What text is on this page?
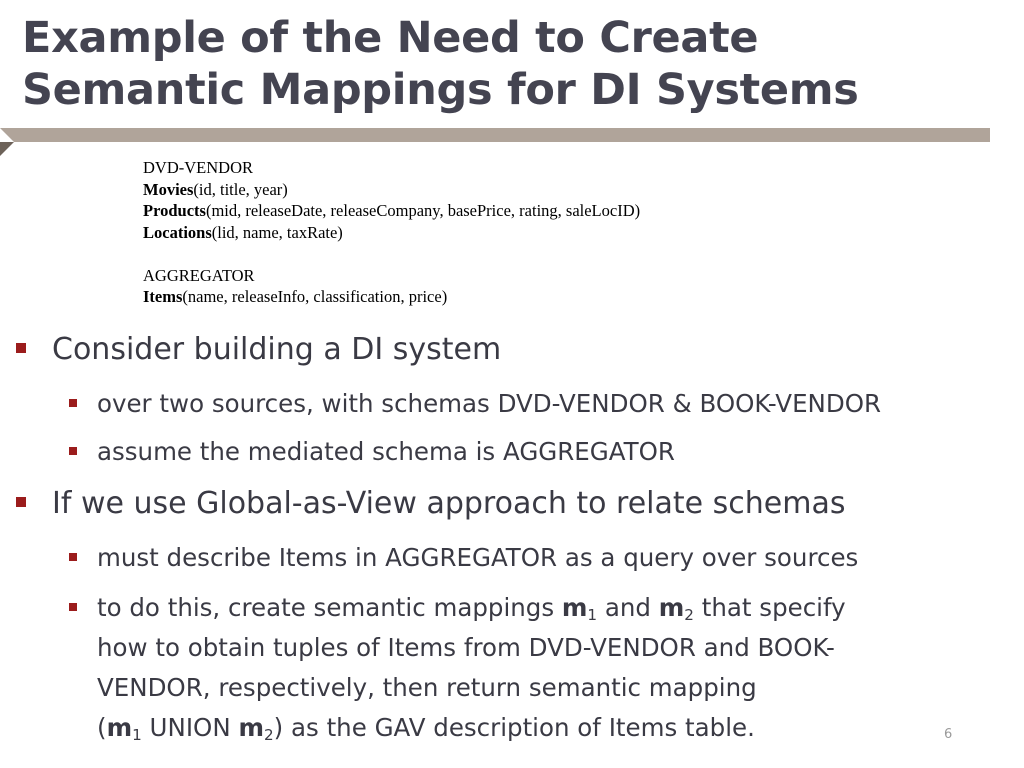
Example of the Need to Create
Semantic Mappings for DI Systems
DVD-VENDOR
Movies(id, title, year)
Products(mid, releaseDate, releaseCompany, basePrice, rating, saleLocID)
Locations(lid, name, taxRate)
AGGREGATOR
Items(name, releaseInfo, classification, price)
Consider building a DI system
over two sources, with schemas DVD-VENDOR & BOOK-VENDOR
assume the mediated schema is AGGREGATOR
If we use Global-as-View approach to relate schemas
must describe Items in AGGREGATOR as a query over sources
to do this, create semantic mappings $m_1$ and $m_2$ that specify
how to obtain tuples of Items from DVD-VENDOR and BOOK-
VENDOR, respectively, then return semantic mapping
($m_1$ UNION $m_2$) as the GAV description of Items table.	6
